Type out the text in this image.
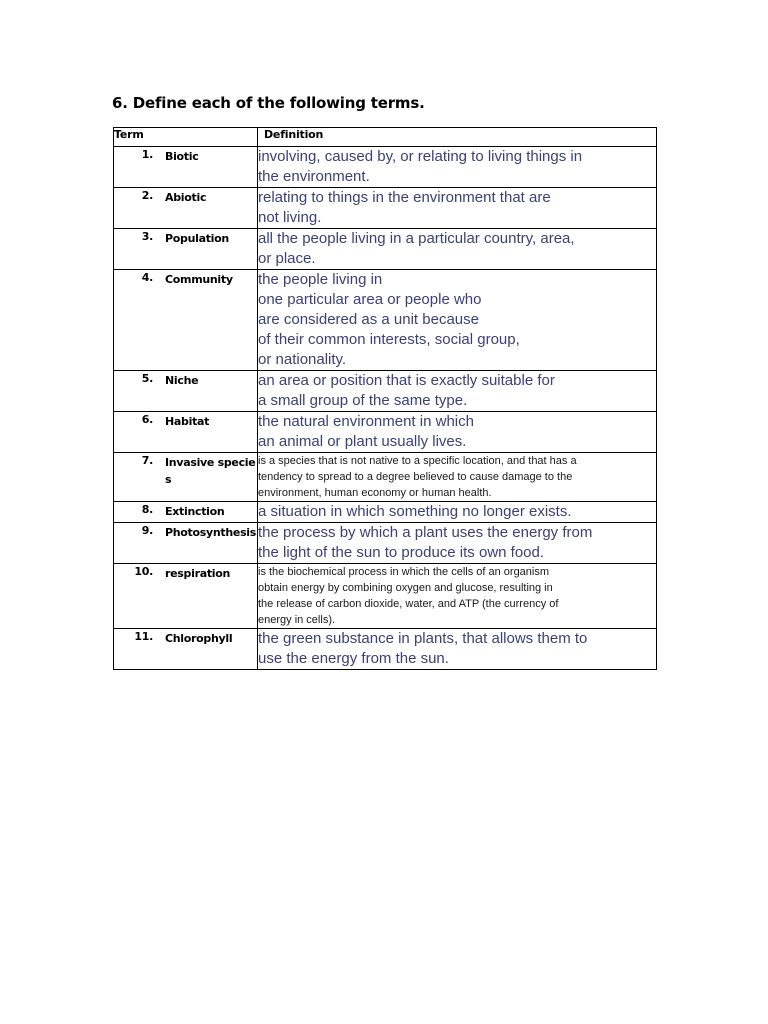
6. Define each of the following terms.
Term	Definition

1. Biotic	involving, caused by, or relating to living things in
the environment.

2. Abiotic	relating to things in the environment that are
not living.

3. Population	all the people living in a particular country, area,
or place.

4. Community	the people living in
one particular area or people who
are considered as a unit because
of their common interests, social group,
or nationality.

5. Niche	an area or position that is exactly suitable for
a small group of the same type.

6. Habitat	the natural environment in which
an animal or plant usually lives.

7. Invasive species	is a species that is not native to a specific location, and that has a
tendency to spread to a degree believed to cause damage to the
environment, human economy or human health.

8. Extinction	a situation in which something no longer exists.

9. Photosynthesis	the process by which a plant uses the energy from
the light of the sun to produce its own food.

10. respiration	is the biochemical process in which the cells of an organism
obtain energy by combining oxygen and glucose, resulting in
the release of carbon dioxide, water, and ATP (the currency of
energy in cells).

11. Chlorophyll	the green substance in plants, that allows them to
use the energy from the sun.
